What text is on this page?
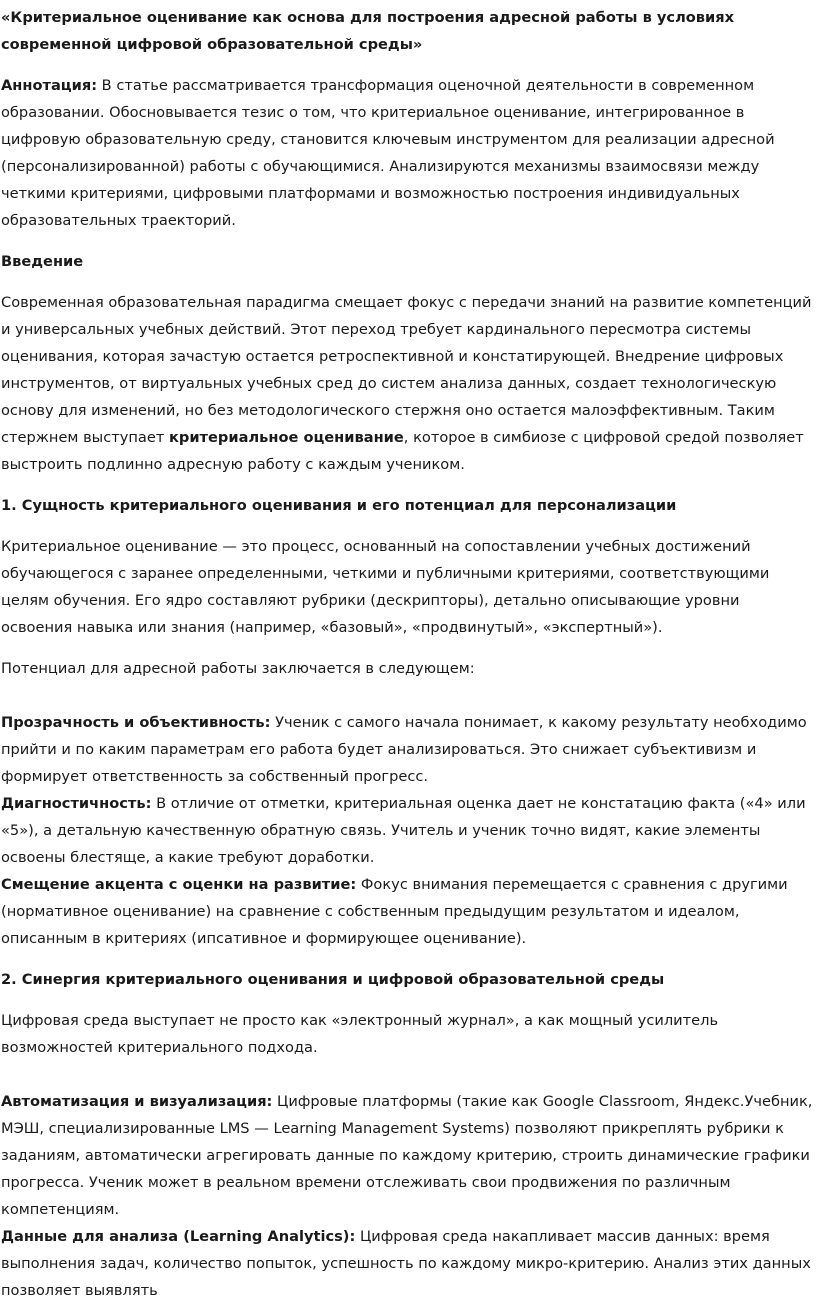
«Критериальное оценивание как основа для построения адресной работы в условиях современной цифровой образовательной среды»

Аннотация: В статье рассматривается трансформация оценочной деятельности в современном образовании. Обосновывается тезис о том, что критериальное оценивание, интегрированное в цифровую образовательную среду, становится ключевым инструментом для реализации адресной (персонализированной) работы с обучающимися. Анализируются механизмы взаимосвязи между четкими критериями, цифровыми платформами и возможностью построения индивидуальных образовательных траекторий.

Введение

Современная образовательная парадигма смещает фокус с передачи знаний на развитие компетенций и универсальных учебных действий. Этот переход требует кардинального пересмотра системы оценивания, которая зачастую остается ретроспективной и констатирующей. Внедрение цифровых инструментов, от виртуальных учебных сред до систем анализа данных, создает технологическую основу для изменений, но без методологического стержня оно остается малоэффективным. Таким стержнем выступает критериальное оценивание, которое в симбиозе с цифровой средой позволяет выстроить подлинно адресную работу с каждым учеником.

1. Сущность критериального оценивания и его потенциал для персонализации

Критериальное оценивание — это процесс, основанный на сопоставлении учебных достижений обучающегося с заранее определенными, четкими и публичными критериями, соответствующими целям обучения. Его ядро составляют рубрики (дескрипторы), детально описывающие уровни освоения навыка или знания (например, «базовый», «продвинутый», «экспертный»).

Потенциал для адресной работы заключается в следующем:

Прозрачность и объективность: Ученик с самого начала понимает, к какому результату необходимо прийти и по каким параметрам его работа будет анализироваться. Это снижает субъективизм и формирует ответственность за собственный прогресс.

Диагностичность: В отличие от отметки, критериальная оценка дает не констатацию факта («4» или «5»), а детальную качественную обратную связь. Учитель и ученик точно видят, какие элементы освоены блестяще, а какие требуют доработки.

Смещение акцента с оценки на развитие: Фокус внимания перемещается с сравнения с другими (нормативное оценивание) на сравнение с собственным предыдущим результатом и идеалом, описанным в критериях (ипсативное и формирующее оценивание).

2. Синергия критериального оценивания и цифровой образовательной среды

Цифровая среда выступает не просто как «электронный журнал», а как мощный усилитель возможностей критериального подхода.

Автоматизация и визуализация: Цифровые платформы (такие как Google Classroom, Яндекс.Учебник, МЭШ, специализированные LMS — Learning Management Systems) позволяют прикреплять рубрики к заданиям, автоматически агрегировать данные по каждому критерию, строить динамические графики прогресса. Ученик может в реальном времени отслеживать свои продвижения по различным компетенциям.

Данные для анализа (Learning Analytics): Цифровая среда накапливает массив данных: время выполнения задач, количество попыток, успешность по каждому микро-критерию. Анализ этих данных позволяет выявлять
